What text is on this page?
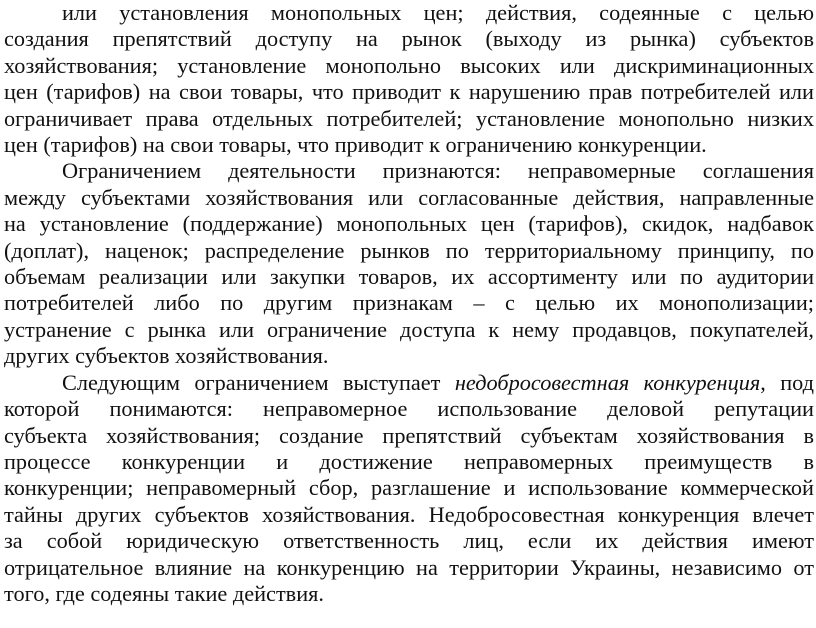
или установления монопольных цен; действия, содеянные с целью
создания препятствий доступу на рынок (выходу из рынка) субъектов
хозяйствования; установление монопольно высоких или дискриминационных
цен (тарифов) на свои товары, что приводит к нарушению прав потребителей или
ограничивает права отдельных потребителей; установление монопольно низких
цен (тарифов) на свои товары, что приводит к ограничению конкуренции.
Ограничением деятельности признаются: неправомерные соглашения
между субъектами хозяйствования или согласованные действия, направленные
на установление (поддержание) монопольных цен (тарифов), скидок, надбавок
(доплат), наценок; распределение рынков по территориальному принципу, по
объемам реализации или закупки товаров, их ассортименту или по аудитории
потребителей либо по другим признакам – с целью их монополизации;
устранение с рынка или ограничение доступа к нему продавцов, покупателей,
других субъектов хозяйствования.
Следующим ограничением выступает недобросовестная конкуренция, под
которой понимаются: неправомерное использование деловой репутации
субъекта хозяйствования; создание препятствий субъектам хозяйствования в
процессе конкуренции и достижение неправомерных преимуществ в
конкуренции; неправомерный сбор, разглашение и использование коммерческой
тайны других субъектов хозяйствования. Недобросовестная конкуренция влечет
за собой юридическую ответственность лиц, если их действия имеют
отрицательное влияние на конкуренцию на территории Украины, независимо от
того, где содеяны такие действия.
